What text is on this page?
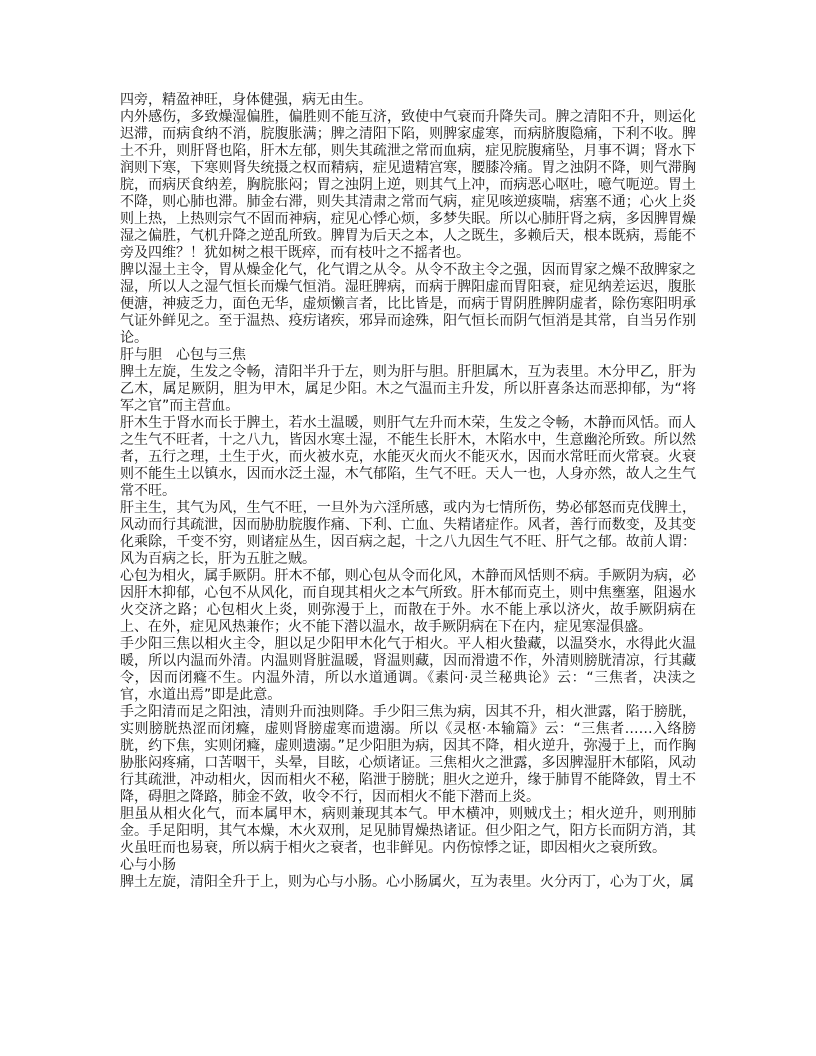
四旁，精盈神旺，身体健强，病无由生。

内外感伤，多致燥湿偏胜，偏胜则不能互济，致使中气衰而升降失司。脾之清阳不升，则运化迟滞，而病食纳不消，脘腹胀满；脾之清阳下陷，则脾家虚寒，而病脐腹隐痛，下利不收。脾土不升，则肝肾也陷，肝木左郁，则失其疏泄之常而血病，症见脘腹痛坠，月事不调；肾水下润则下寒，下寒则肾失统摄之权而精病，症见遗精宫寒，腰膝冷痛。胃之浊阴不降，则气滞胸脘，而病厌食纳差，胸脘胀闷；胃之浊阴上逆，则其气上冲，而病恶心呕吐，噫气呃逆。胃土不降，则心肺也滞。肺金右滞，则失其清肃之常而气病，症见咳逆痰喘，痞塞不通；心火上炎则上热，上热则宗气不固而神病，症见心悸心烦，多梦失眠。所以心肺肝肾之病，多因脾胃燥湿之偏胜，气机升降之逆乱所致。脾胃为后天之本，人之既生，多赖后天，根本既病，焉能不旁及四维？！犹如树之根干既瘁，而有枝叶之不摇者也。

脾以湿土主令，胃从燥金化气，化气谓之从令。从令不敌主令之强，因而胃家之燥不敌脾家之湿，所以人之湿气恒长而燥气恒消。湿旺脾病，而病于脾阳虚而胃阳衰，症见纳差运迟，腹胀便溏，神疲乏力，面色无华，虚烦懒言者，比比皆是，而病于胃阴胜脾阴虚者，除伤寒阳明承气证外鲜见之。至于温热、疫疠诸疾，邪异而途殊，阳气恒长而阴气恒消是其常，自当另作别论。

肝与胆　心包与三焦

脾土左旋，生发之令畅，清阳半升于左，则为肝与胆。肝胆属木，互为表里。木分甲乙，肝为乙木，属足厥阴，胆为甲木，属足少阳。木之气温而主升发，所以肝喜条达而恶抑郁，为“将军之官”而主营血。

肝木生于肾水而长于脾土，若水土温暖，则肝气左升而木荣，生发之令畅，木静而风恬。而人之生气不旺者，十之八九，皆因水寒土湿，不能生长肝木，木陷水中，生意幽沦所致。所以然者，五行之理，土生于火，而火被水克，水能灭火而火不能灭水，因而水常旺而火常衰。火衰则不能生土以镇水，因而水泛土湿，木气郁陷，生气不旺。天人一也，人身亦然，故人之生气常不旺。

肝主生，其气为风，生气不旺，一旦外为六淫所感，或内为七情所伤，势必郁怒而克伐脾土，风动而行其疏泄，因而胁肋脘腹作痛、下利、亡血、失精诸症作。风者，善行而数变，及其变化乘除，千变不穷，则诸症丛生，因百病之起，十之八九因生气不旺、肝气之郁。故前人谓：风为百病之长，肝为五脏之贼。

心包为相火，属手厥阴。肝木不郁，则心包从令而化风，木静而风恬则不病。手厥阴为病，必因肝木抑郁，心包不从风化，而自现其相火之本气所致。肝木郁而克土，则中焦壅塞，阻遏水火交济之路；心包相火上炎，则弥漫于上，而散在于外。水不能上承以济火，故手厥阴病在上、在外，症见风热兼作；火不能下潜以温水，故手厥阴病在下在内，症见寒湿俱盛。

手少阳三焦以相火主令，胆以足少阳甲木化气于相火。平人相火蛰藏，以温癸水，水得此火温暖，所以内温而外清。内温则肾脏温暖，肾温则藏，因而滑遗不作，外清则膀胱清凉，行其藏令，因而闭癃不生。内温外清，所以水道通调。《素问·灵兰秘典论》云：“三焦者，决渎之官，水道出焉”即是此意。

手之阳清而足之阳浊，清则升而浊则降。手少阳三焦为病，因其不升，相火泄露，陷于膀胱，实则膀胱热涩而闭癃，虚则肾膀虚寒而遗溺。所以《灵枢·本输篇》云：“三焦者……入络膀胱，约下焦，实则闭癃，虚则遗溺。”足少阳胆为病，因其不降，相火逆升，弥漫于上，而作胸胁胀闷疼痛，口苦咽干，头晕，目眩，心烦诸证。三焦相火之泄露，多因脾湿肝木郁陷，风动行其疏泄，冲动相火，因而相火不秘，陷泄于膀胱；胆火之逆升，缘于肺胃不能降敛，胃土不降，碍胆之降路，肺金不敛，收令不行，因而相火不能下潜而上炎。

胆虽从相火化气，而本属甲木，病则兼现其本气。甲木横冲，则贼戊土；相火逆升，则刑肺金。手足阳明，其气本燥，木火双刑，足见肺胃燥热诸证。但少阳之气，阳方长而阴方消，其火虽旺而也易衰，所以病于相火之衰者，也非鲜见。内伤惊悸之证，即因相火之衰所致。

心与小肠

脾土左旋，清阳全升于上，则为心与小肠。心小肠属火，互为表里。火分丙丁，心为丁火，属
